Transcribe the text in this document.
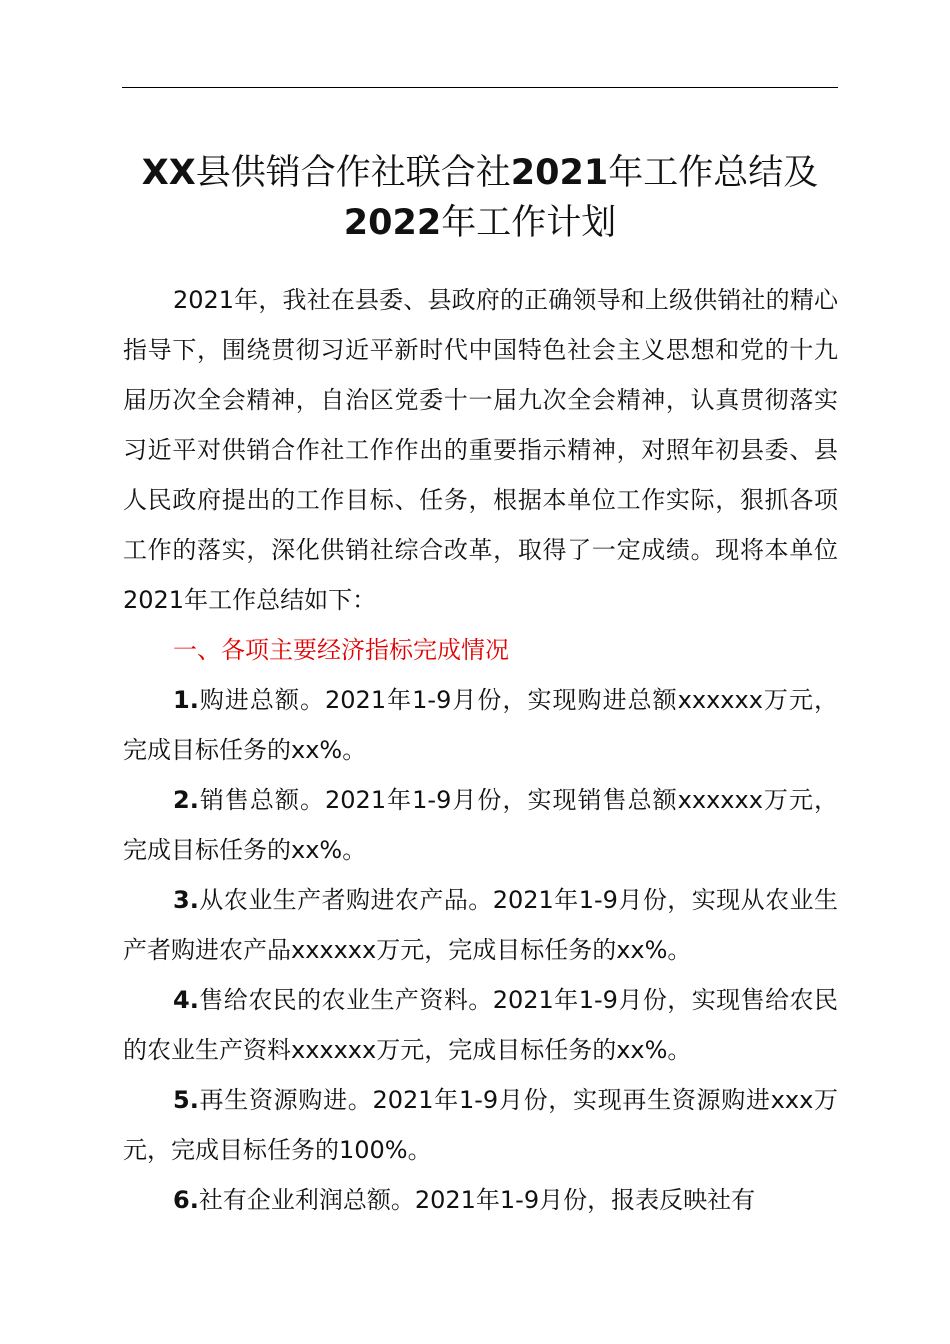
XX县供销合作社联合社2021年工作总结及
2022年工作计划

2021年，我社在县委、县政府的正确领导和上级供销社的精心指导下，围绕贯彻习近平新时代中国特色社会主义思想和党的十九届历次全会精神，自治区党委十一届九次全会精神，认真贯彻落实习近平对供销合作社工作作出的重要指示精神，对照年初县委、县人民政府提出的工作目标、任务，根据本单位工作实际，狠抓各项工作的落实，深化供销社综合改革，取得了一定成绩。现将本单位2021年工作总结如下：

一、各项主要经济指标完成情况

1.购进总额。2021年1-9月份，实现购进总额xxxxxx万元，完成目标任务的xx%。

2.销售总额。2021年1-9月份，实现销售总额xxxxxx万元，完成目标任务的xx%。

3.从农业生产者购进农产品。2021年1-9月份，实现从农业生产者购进农产品xxxxxx万元，完成目标任务的xx%。

4.售给农民的农业生产资料。2021年1-9月份，实现售给农民的农业生产资料xxxxxx万元，完成目标任务的xx%。

5.再生资源购进。2021年1-9月份，实现再生资源购进xxx万元，完成目标任务的100%。

6.社有企业利润总额。2021年1-9月份，报表反映社有
